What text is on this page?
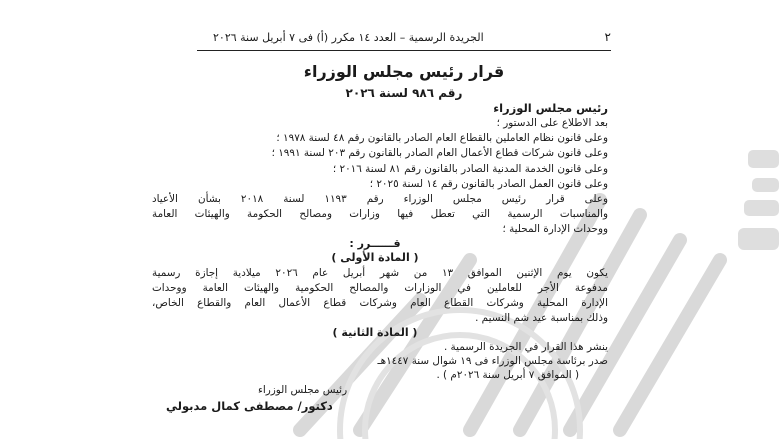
٢
الجريدة الرسمية – العدد ١٤ مكرر (أ) فى ٧ أبريل سنة ٢٠٢٦
قرار رئيس مجلس الوزراء
رقم ٩٨٦ لسنة ٢٠٢٦
رئيس مجلس الوزراء
بعد الاطلاع على الدستور ؛
وعلى قانون نظام العاملين بالقطاع العام الصادر بالقانون رقم ٤٨ لسنة ١٩٧٨ ؛
وعلى قانون شركات قطاع الأعمال العام الصادر بالقانون رقم ٢٠٣ لسنة ١٩٩١ ؛
وعلى قانون الخدمة المدنية الصادر بالقانون رقم ٨١ لسنة ٢٠١٦ ؛
وعلى قانون العمل الصادر بالقانون رقم ١٤ لسنة ٢٠٢٥ ؛
وعلى قرار رئيس مجلس الوزراء رقم ١١٩٣ لسنة ٢٠١٨ بشأن الأعياد
والمناسبات الرسمية التي تعطل فيها وزارات ومصالح الحكومة والهيئات العامة
ووحدات الإدارة المحلية ؛
قــــــرر :
( المادة الأولى )
يكون يوم الإثنين الموافق ١٣ من شهر أبريل عام ٢٠٢٦ ميلادية إجازة رسمية
مدفوعة الأجر للعاملين في الوزارات والمصالح الحكومية والهيئات العامة ووحدات
الإدارة المحلية وشركات القطاع العام وشركات قطاع الأعمال العام والقطاع الخاص،
وذلك بمناسبة عيد شم النسيم .
( المادة الثانية )
ينشر هذا القرار في الجريدة الرسمية .
صدر برئاسة مجلس الوزراء فى ١٩ شوال سنة ١٤٤٧هـ
( الموافق ٧ أبريل سنة ٢٠٢٦م ) .
رئيس مجلس الوزراء
دكتور/ مصطفى كمال مدبولي
